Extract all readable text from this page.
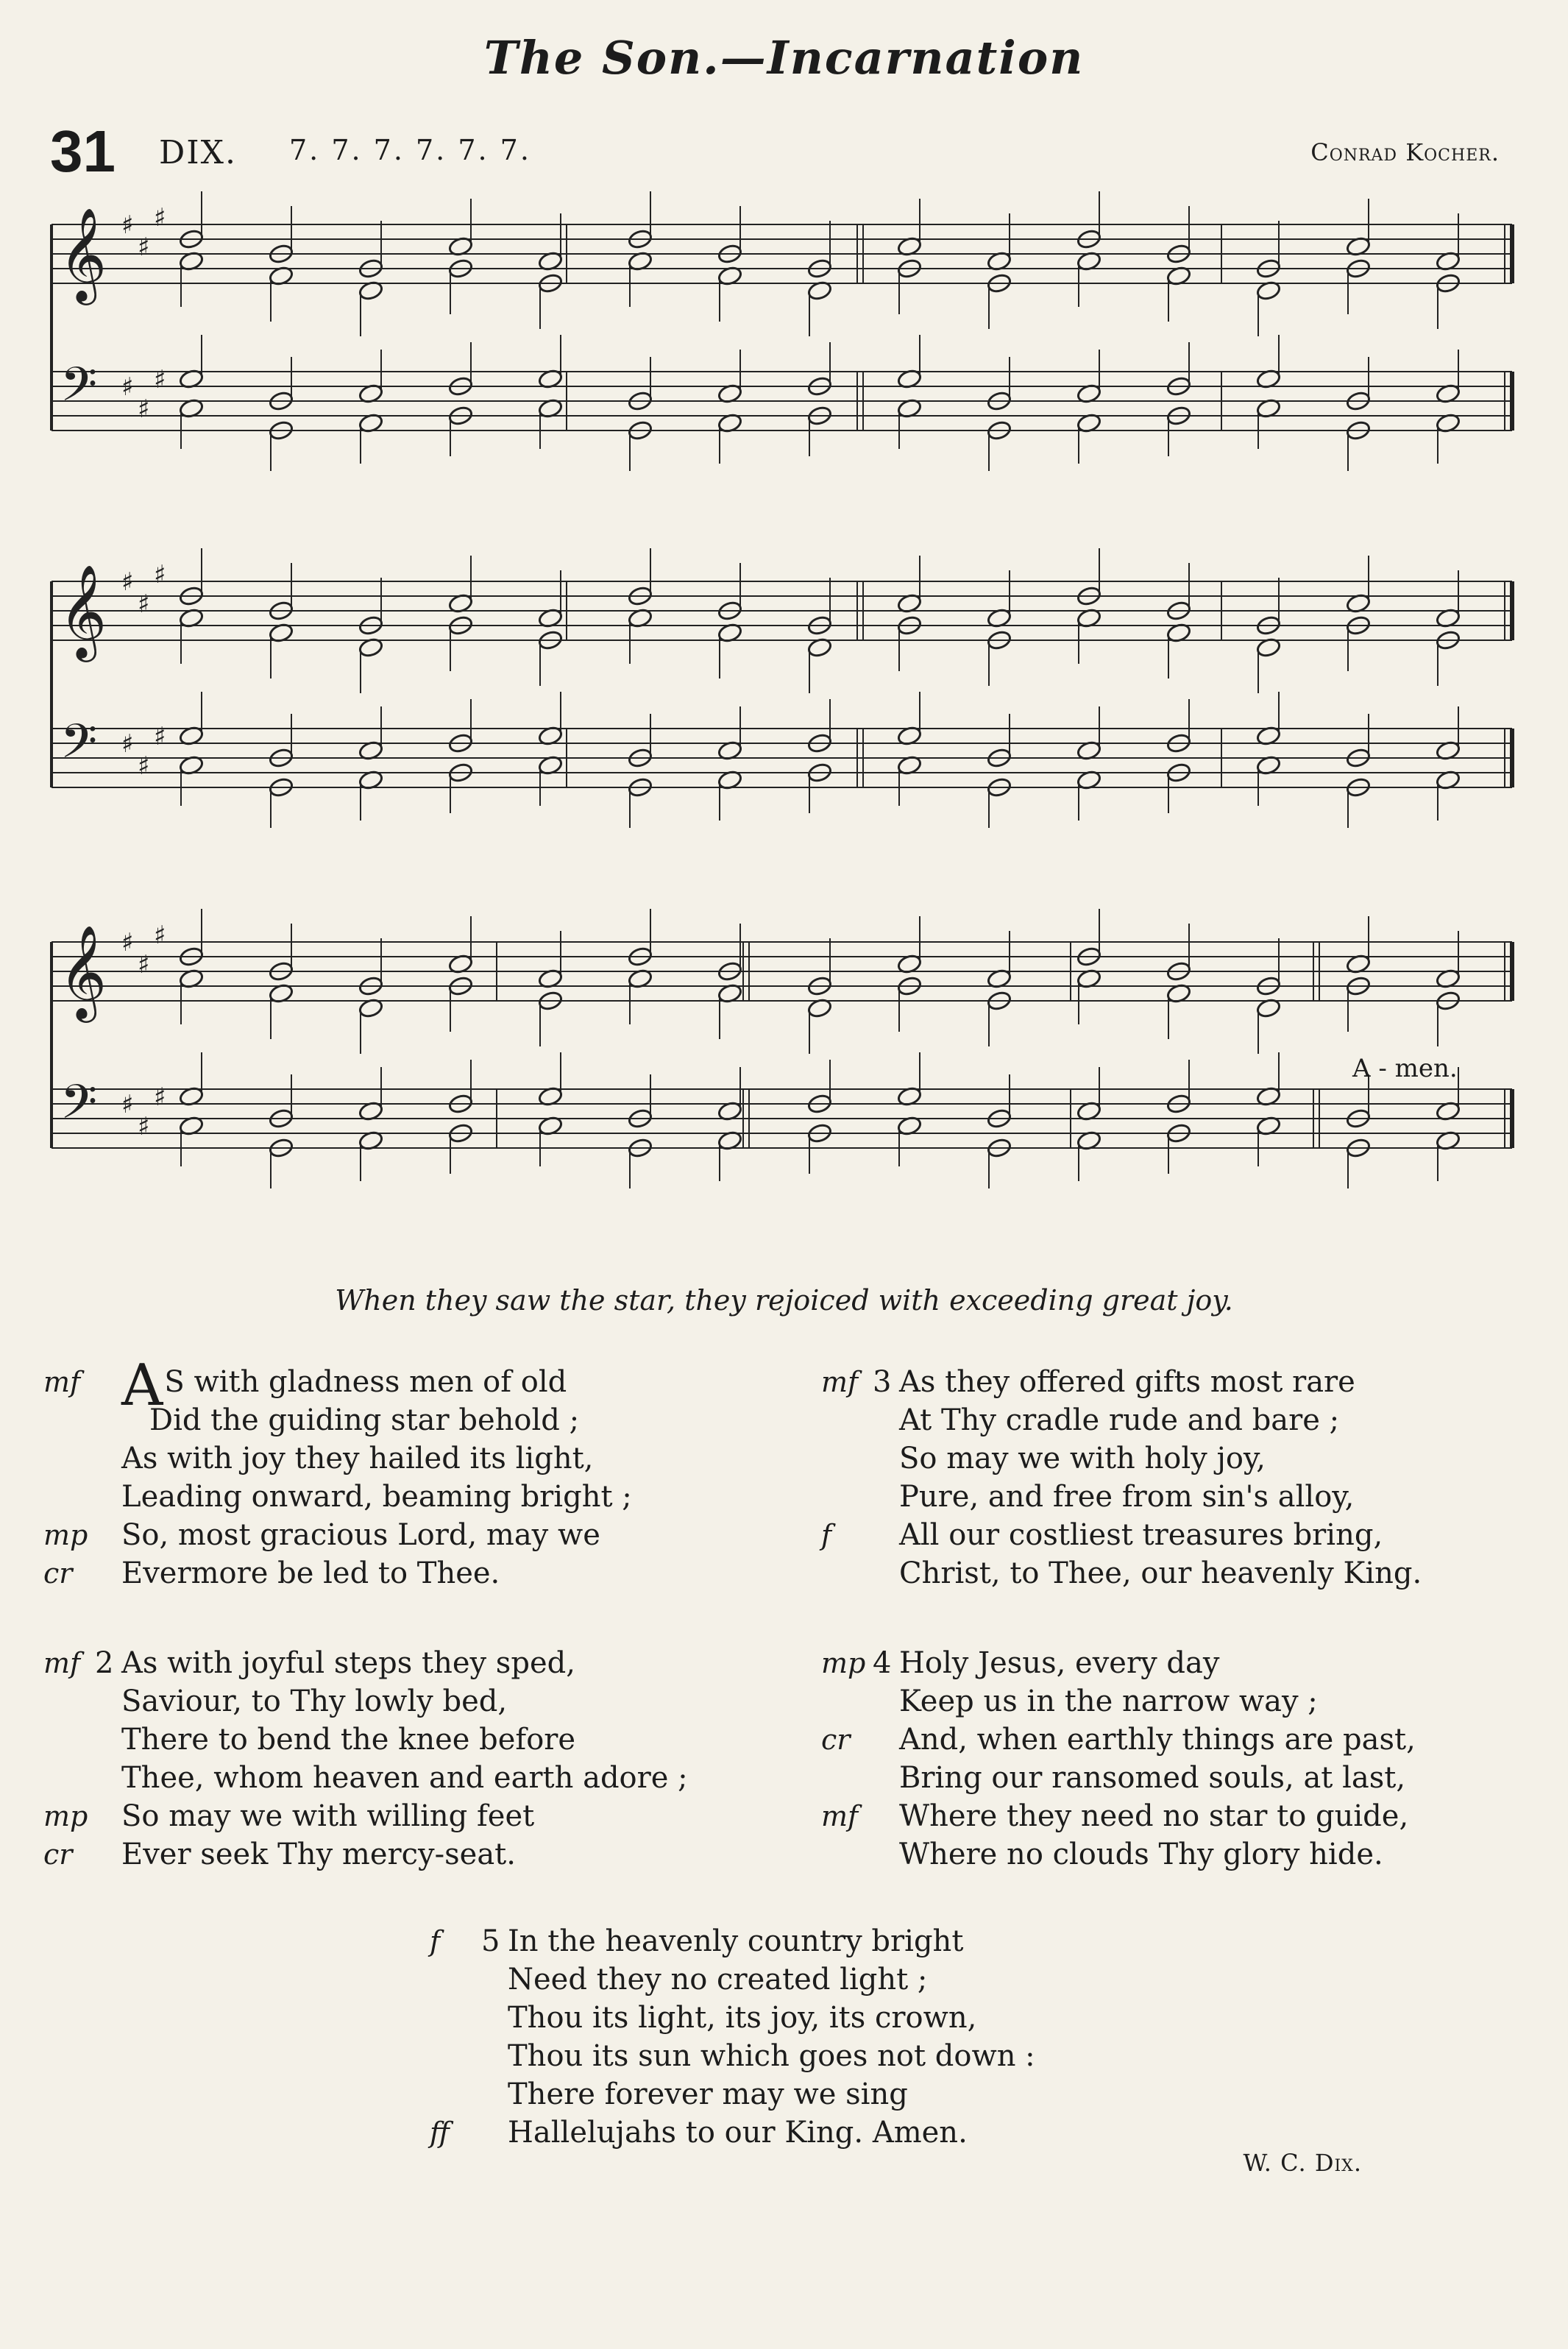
The Son.—Incarnation
31 DIX. 7. 7. 7. 7. 7. 7.	Conrad Kocher.
𝄞
𝄢
♯
♯
♯
♯
♯
♯
𝄞
𝄢
♯
♯
♯
♯
♯
♯
𝄞
𝄢
♯
♯
♯
♯
♯
♯
A - men.
When they saw the star, they rejoiced with exceeding great joy.
mf AS with gladness men of old
Did the guiding star behold ;
As with joy they hailed its light,
Leading onward, beaming bright ;
mp So, most gracious Lord, may we
cr Evermore be led to Thee.
mf 2 As with joyful steps they sped,
Saviour, to Thy lowly bed,
There to bend the knee before
Thee, whom heaven and earth adore ;
mp So may we with willing feet
cr Ever seek Thy mercy-seat.
mf 3 As they offered gifts most rare
At Thy cradle rude and bare ;
So may we with holy joy,
Pure, and free from sin's alloy,
f All our costliest treasures bring,
Christ, to Thee, our heavenly King.
mp 4 Holy Jesus, every day
Keep us in the narrow way ;
cr And, when earthly things are past,
Bring our ransomed souls, at last,
mf Where they need no star to guide,
Where no clouds Thy glory hide.
f 5 In the heavenly country bright
Need they no created light ;
Thou its light, its joy, its crown,
Thou its sun which goes not down :
There forever may we sing
ff Hallelujahs to our King. Amen.
W. C. Dix.
